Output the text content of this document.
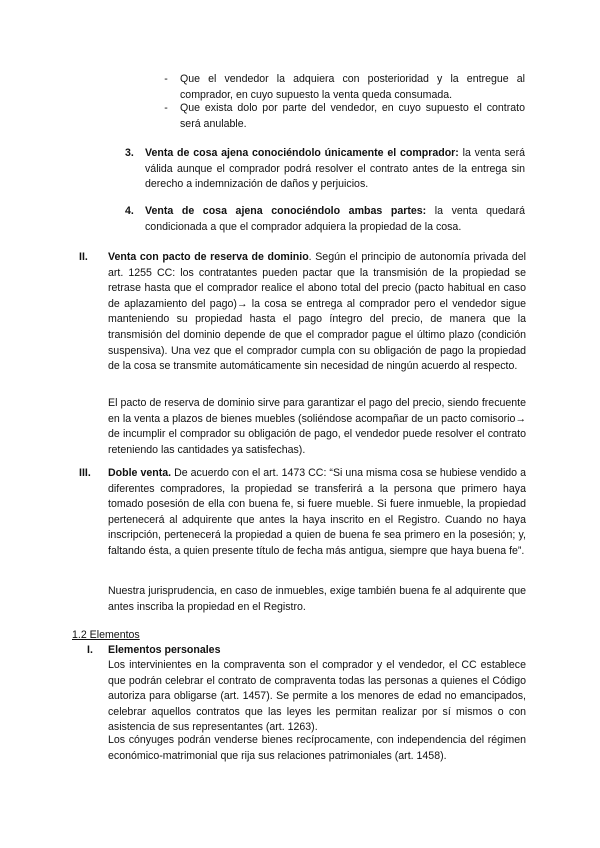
-	Que el vendedor la adquiera con posterioridad y la entregue al comprador, en cuyo supuesto la venta queda consumada.

-	Que exista dolo por parte del vendedor, en cuyo supuesto el contrato será anulable.

3. Venta de cosa ajena conociéndolo únicamente el comprador: la venta será válida aunque el comprador podrá resolver el contrato antes de la entrega sin derecho a indemnización de daños y perjuicios.

4. Venta de cosa ajena conociéndolo ambas partes: la venta quedará condicionada a que el comprador adquiera la propiedad de la cosa.

II. Venta con pacto de reserva de dominio. Según el principio de autonomía privada del art. 1255 CC: los contratantes pueden pactar que la transmisión de la propiedad se retrase hasta que el comprador realice el abono total del precio (pacto habitual en caso de aplazamiento del pago)→ la cosa se entrega al comprador pero el vendedor sigue manteniendo su propiedad hasta el pago íntegro del precio, de manera que la transmisión del dominio depende de que el comprador pague el último plazo (condición suspensiva). Una vez que el comprador cumpla con su obligación de pago la propiedad de la cosa se transmite automáticamente sin necesidad de ningún acuerdo al respecto.

El pacto de reserva de dominio sirve para garantizar el pago del precio, siendo frecuente en la venta a plazos de bienes muebles (soliéndose acompañar de un pacto comisorio→ de incumplir el comprador su obligación de pago, el vendedor puede resolver el contrato reteniendo las cantidades ya satisfechas).

III. Doble venta. De acuerdo con el art. 1473 CC: “Si una misma cosa se hubiese vendido a diferentes compradores, la propiedad se transferirá a la persona que primero haya tomado posesión de ella con buena fe, si fuere mueble. Si fuere inmueble, la propiedad pertenecerá al adquirente que antes la haya inscrito en el Registro. Cuando no haya inscripción, pertenecerá la propiedad a quien de buena fe sea primero en la posesión; y, faltando ésta, a quien presente título de fecha más antigua, siempre que haya buena fe”.

Nuestra jurisprudencia, en caso de inmuebles, exige también buena fe al adquirente que antes inscriba la propiedad en el Registro.

1.2 Elementos
I. Elementos personales

Los intervinientes en la compraventa son el comprador y el vendedor, el CC establece que podrán celebrar el contrato de compraventa todas las personas a quienes el Código autoriza para obligarse (art. 1457). Se permite a los menores de edad no emancipados, celebrar aquellos contratos que las leyes les permitan realizar por sí mismos o con asistencia de sus representantes (art. 1263).

Los cónyuges podrán venderse bienes recíprocamente, con independencia del régimen económico-matrimonial que rija sus relaciones patrimoniales (art. 1458).
